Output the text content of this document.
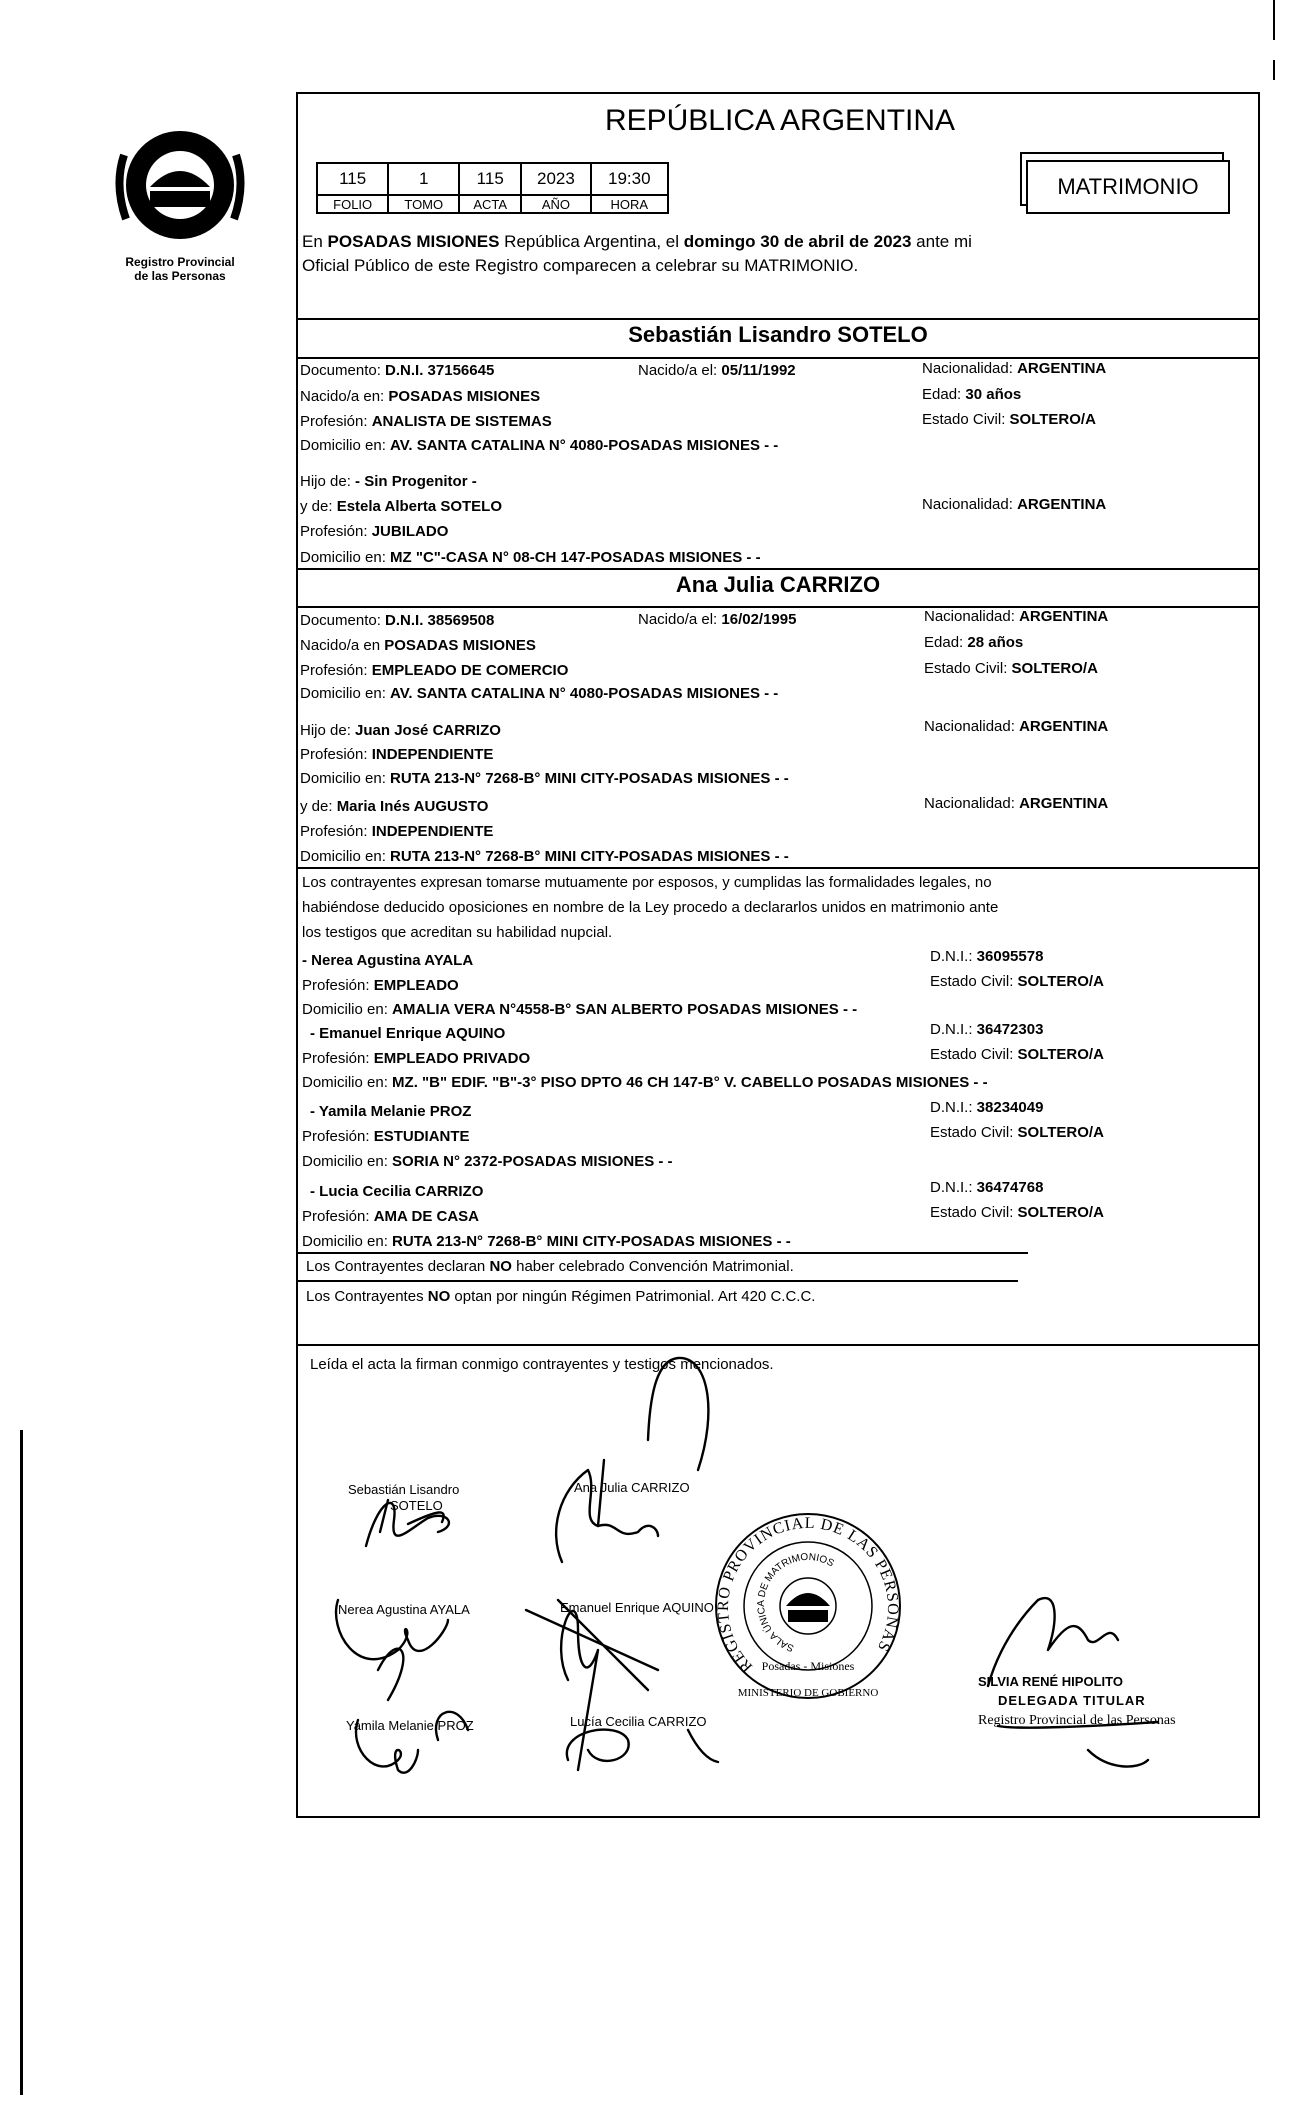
Registro Provincial
de las Personas
REPÚBLICA ARGENTINA
115	1	115	2023	19:30
FOLIO	TOMO	ACTA	AÑO	HORA
MATRIMONIO
En POSADAS MISIONES República Argentina, el domingo 30 de abril de 2023 ante mi
Oficial Público de este Registro comparecen a celebrar su MATRIMONIO.
Sebastián Lisandro SOTELO
Documento: D.N.I. 37156645	Nacido/a el: 05/11/1992	Nacionalidad: ARGENTINA
Nacido/a en: POSADAS MISIONES	Edad: 30 años
Profesión: ANALISTA DE SISTEMAS	Estado Civil: SOLTERO/A
Domicilio en: AV. SANTA CATALINA N° 4080-POSADAS MISIONES - -
Hijo de: - Sin Progenitor -
y de: Estela Alberta SOTELO	Nacionalidad: ARGENTINA
Profesión: JUBILADO
Domicilio en: MZ "C"-CASA N° 08-CH 147-POSADAS MISIONES - -
Ana Julia CARRIZO
Documento: D.N.I. 38569508	Nacido/a el: 16/02/1995	Nacionalidad: ARGENTINA
Nacido/a en POSADAS MISIONES	Edad: 28 años
Profesión: EMPLEADO DE COMERCIO	Estado Civil: SOLTERO/A
Domicilio en: AV. SANTA CATALINA N° 4080-POSADAS MISIONES - -
Hijo de: Juan José CARRIZO	Nacionalidad: ARGENTINA
Profesión: INDEPENDIENTE
Domicilio en: RUTA 213-N° 7268-B° MINI CITY-POSADAS MISIONES - -
y de: Maria Inés AUGUSTO	Nacionalidad: ARGENTINA
Profesión: INDEPENDIENTE
Domicilio en: RUTA 213-N° 7268-B° MINI CITY-POSADAS MISIONES - -
Los contrayentes expresan tomarse mutuamente por esposos, y cumplidas las formalidades legales, no
habiéndose deducido oposiciones en nombre de la Ley procedo a declararlos unidos en matrimonio ante
los testigos que acreditan su habilidad nupcial.
- Nerea Agustina AYALA	D.N.I.: 36095578
Profesión: EMPLEADO	Estado Civil: SOLTERO/A
Domicilio en: AMALIA VERA N°4558-B° SAN ALBERTO POSADAS MISIONES - -
- Emanuel Enrique AQUINO	D.N.I.: 36472303
Profesión: EMPLEADO PRIVADO	Estado Civil: SOLTERO/A
Domicilio en: MZ. "B" EDIF. "B"-3° PISO DPTO 46 CH 147-B° V. CABELLO POSADAS MISIONES - -
- Yamila Melanie PROZ	D.N.I.: 38234049
Profesión: ESTUDIANTE	Estado Civil: SOLTERO/A
Domicilio en: SORIA N° 2372-POSADAS MISIONES - -
- Lucia Cecilia CARRIZO	D.N.I.: 36474768
Profesión: AMA DE CASA	Estado Civil: SOLTERO/A
Domicilio en: RUTA 213-N° 7268-B° MINI CITY-POSADAS MISIONES - -
Los Contrayentes declaran NO haber celebrado Convención Matrimonial.
Los Contrayentes NO optan por ningún Régimen Patrimonial. Art 420 C.C.C.
Leída el acta la firman conmigo contrayentes y testigos mencionados.
Sebastián Lisandro
SOTELO
Ana Julia CARRIZO
Nerea Agustina AYALA	Emanuel Enrique AQUINO
Yamila Melanie PROZ	Lucía Cecilia CARRIZO
SILVIA RENÉ HIPOLITO
DELEGADA TITULAR
Registro Provincial de las Personas
REGISTRO PROVINCIAL DE LAS PERSONAS
SALA ÚNICA DE MATRIMONIOS
Posadas - Misiones
MINISTERIO DE GOBIERNO
